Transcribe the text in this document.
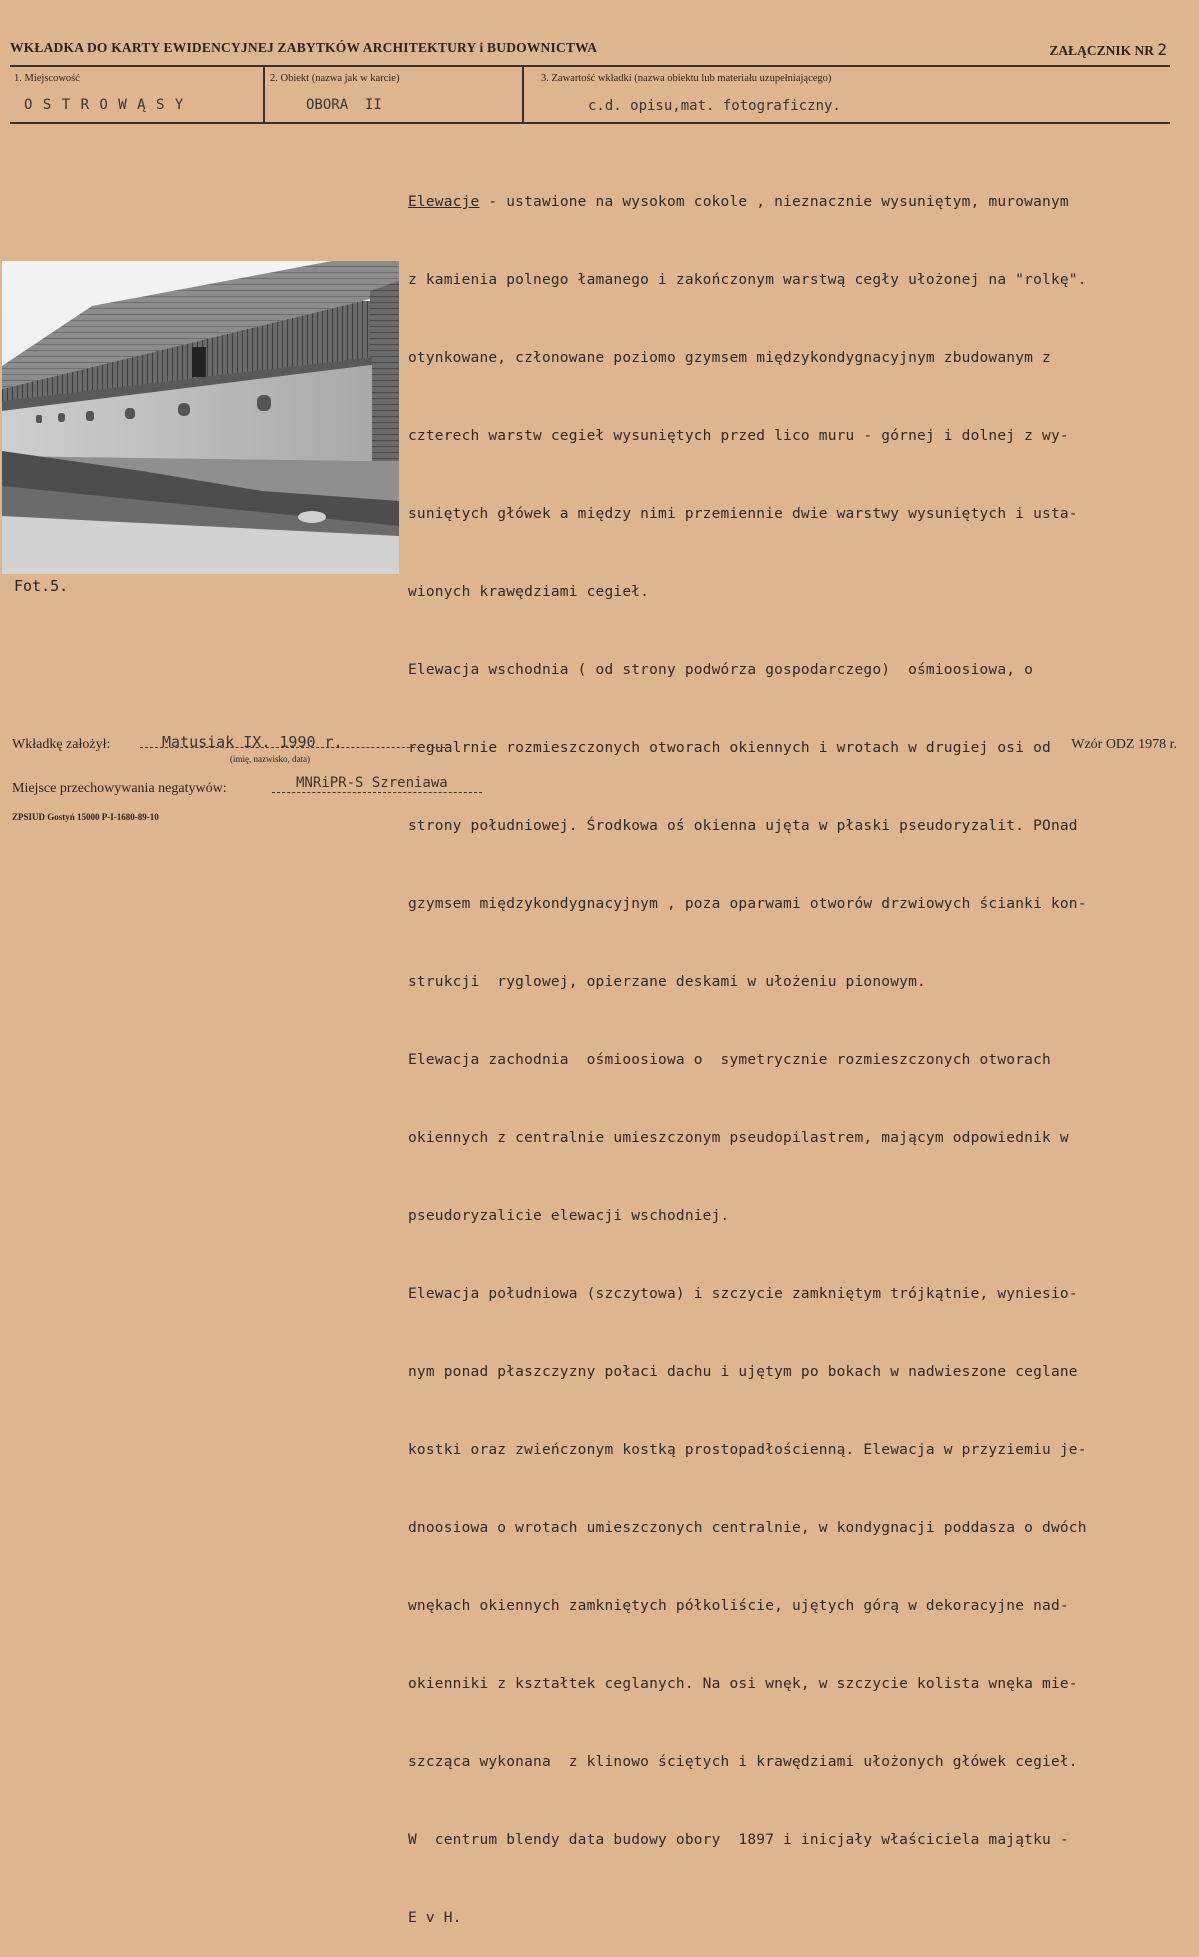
WKŁADKA DO KARTY EWIDENCYJNEJ ZABYTKÓW ARCHITEKTURY i BUDOWNICTWA	ZAŁĄCZNIK NR 2
1. Miejscowość
O S T R O W Ą S Y
2. Obiekt (nazwa jak w karcie)
OBORA  II
3. Zawartość wkładki (nazwa obiektu lub materiału uzupełniającego)
c.d. opisu,mat. fotograficzny.
Fot.5.

Elewacje - ustawione na wysokom cokole , nieznacznie wysuniętym, murowanym

z kamienia polnego łamanego i zakończonym warstwą cegły ułożonej na "rolkę".

otynkowane, członowane poziomo gzymsem międzykondygnacyjnym zbudowanym z

czterech warstw cegieł wysuniętych przed lico muru - górnej i dolnej z wy-

suniętych główek a między nimi przemiennie dwie warstwy wysuniętych i usta-

wionych krawędziami cegieł.

Elewacja wschodnia ( od strony podwórza gospodarczego)  ośmioosiowa, o

regualrnie rozmieszczonych otworach okiennych i wrotach w drugiej osi od

strony południowej. Środkowa oś okienna ujęta w płaski pseudoryzalit. POnad

gzymsem międzykondygnacyjnym , poza oparwami otworów drzwiowych ścianki kon-

strukcji  ryglowej, opierzane deskami w ułożeniu pionowym.

Elewacja zachodnia  ośmioosiowa o  symetrycznie rozmieszczonych otworach

okiennych z centralnie umieszczonym pseudopilastrem, mającym odpowiednik w

pseudoryzalicie elewacji wschodniej.

Elewacja południowa (szczytowa) i szczycie zamkniętym trójkątnie, wyniesio-

nym ponad płaszczyzny połaci dachu i ujętym po bokach w nadwieszone ceglane

kostki oraz zwieńczonym kostką prostopadłościenną. Elewacja w przyziemiu je-

dnoosiowa o wrotach umieszczonych centralnie, w kondygnacji poddasza o dwóch

wnękach okiennych zamkniętych półkoliście, ujętych górą w dekoracyjne nad-

okienniki z kształtek ceglanych. Na osi wnęk, w szczycie kolista wnęka mie-

szcząca wykonana  z klinowo ściętych i krawędziami ułożonych główek cegieł.

W  centrum blendy data budowy obory  1897 i inicjały właściciela majątku -

E v H.

Wkładkę założył:	Matusiak IX. 1990 r.
(imię, nazwisko, data)
Wzór ODZ 1978 r.
Miejsce przechowywania negatywów:	MNRiPR-S Szreniawa
ZPSIUD Gostyń 15000 P-I-1680-89-10
